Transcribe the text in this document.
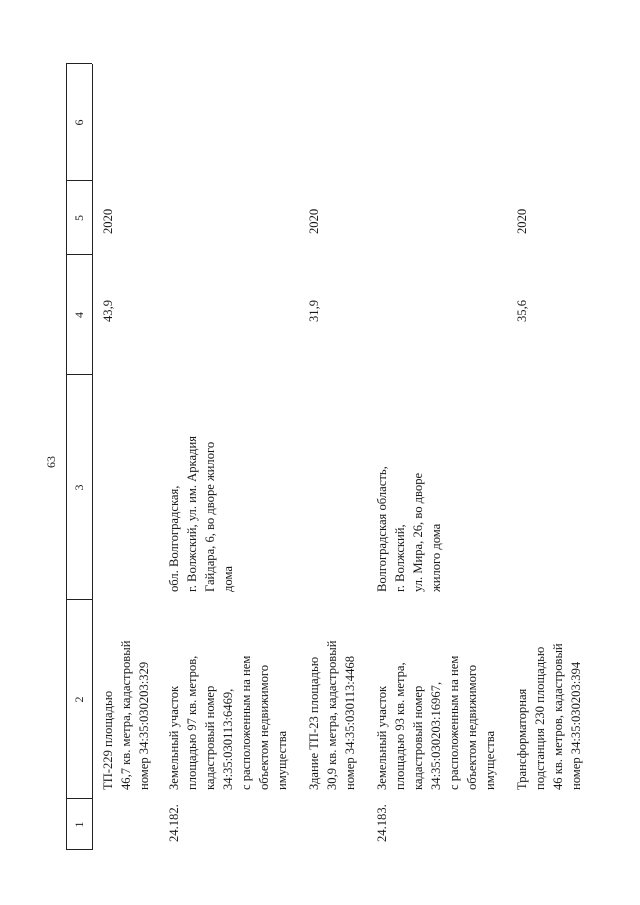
63
1
2
3
4
5
6
ТП-229 площадью 46,7 кв. метра, кадастровый номер 34:35:030203:329
43,9
2020
24.182.
Земельный участок площадью 97 кв. метров, кадастровый номер 34:35:030113:6469, с расположенным на нем объектом недвижимого имущества
обл. Волгоградская, г. Волжский, ул. им. Аркадия Гайдара, 6, во дворе жилого дома
Здание ТП-23 площадью 30,9 кв. метра, кадастровый номер 34:35:030113:4468
31,9
2020
24.183.
Земельный участок площадью 93 кв. метра, кадастровый номер 34:35:030203:16967, с расположенным на нем объектом недвижимого имущества
Волгоградская область, г. Волжский, ул. Мира, 26, во дворе жилого дома
Трансформаторная подстанция 230 площадью 46 кв. метров, кадастровый номер 34:35:030203:394
35,6
2020
